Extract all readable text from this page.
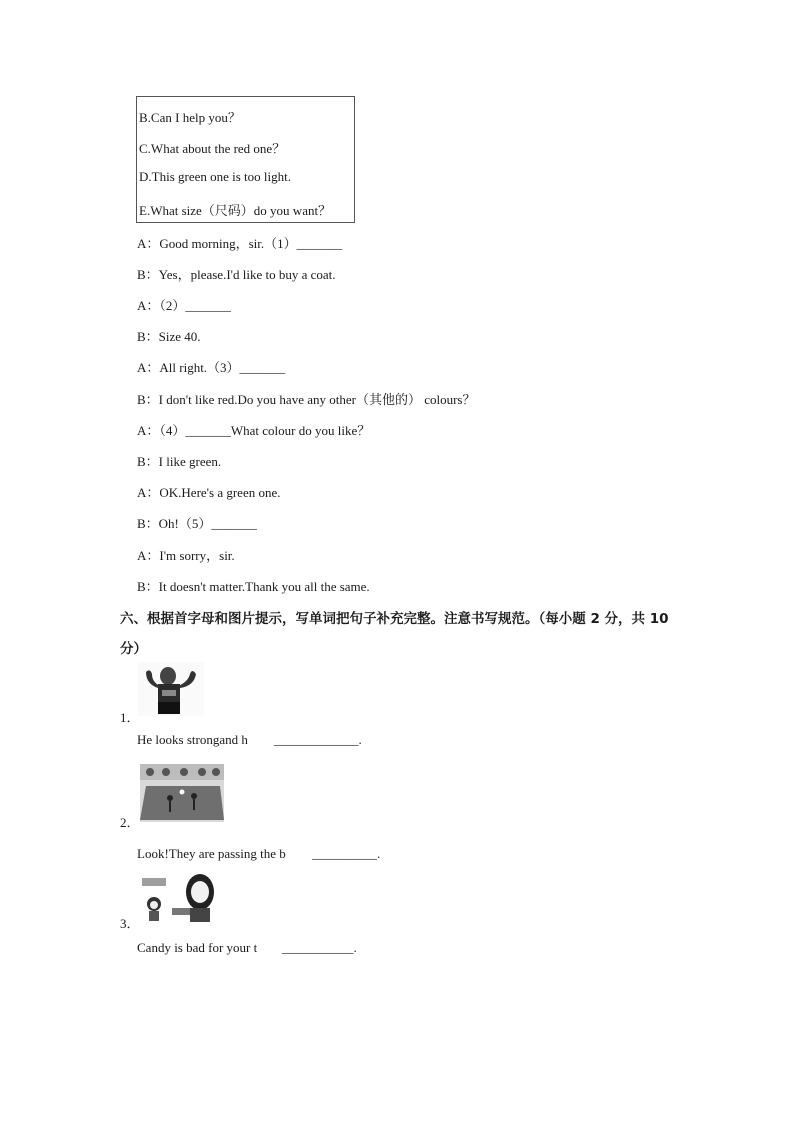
B.Can I help you？
C.What about the red one？
D.This green one is too light.
E.What size（尺码）do you want？
A：Good morning，sir.（1）_______
B：Yes，please.I'd like to buy a coat.
A：（2）_______
B：Size 40.
A：All right.（3）_______
B：I don't like red.Do you have any other（其他的） colours？
A：（4）_______What colour do you like？
B：I like green.
A：OK.Here's a green one.
B：Oh!（5）_______
A：I'm sorry，sir.
B：It doesn't matter.Thank you all the same.
六、根据首字母和图片提示，写单词把句子补充完整。注意书写规范。（每小题 2 分，共 10
分）
1．
He looks strongand h _____________.
2．
Look!They are passing the b __________.
3．
Candy is bad for your t ___________.
